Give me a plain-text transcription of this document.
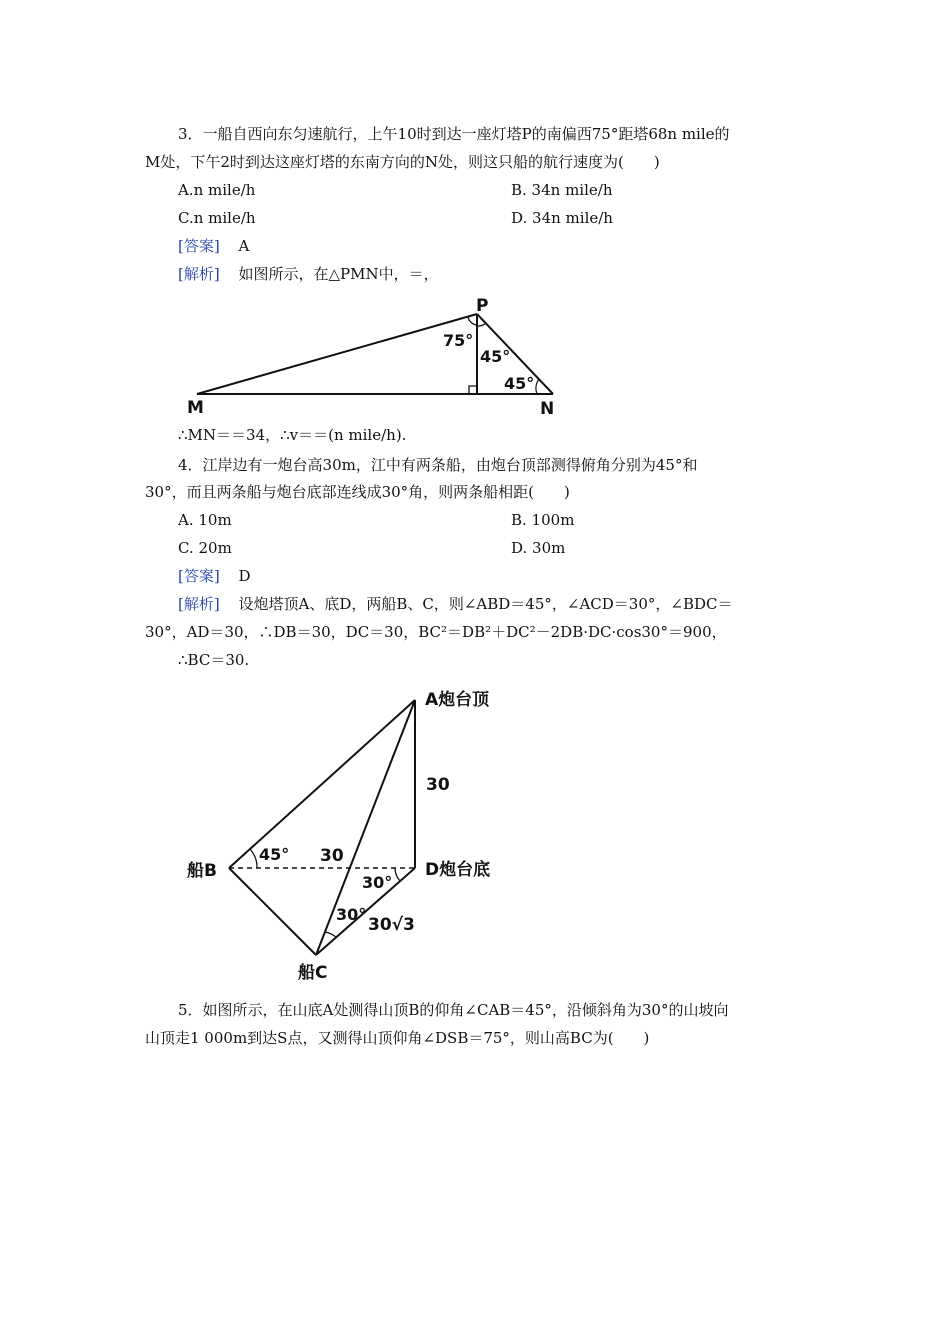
3．一船自西向东匀速航行，上午10时到达一座灯塔P的南偏西75°距塔68n mile的
M处，下午2时到达这座灯塔的东南方向的N处，则这只船的航行速度为(　　)
A.n mile/h	B. 34n mile/h
C.n mile/h	D. 34n mile/h
[答案] A
[解析] 如图所示，在△PMN中，＝，
P
M	N
75°
45°
45°
∴MN＝＝34，∴v＝＝(n mile/h).
4．江岸边有一炮台高30m，江中有两条船，由炮台顶部测得俯角分别为45°和
30°，而且两条船与炮台底部连线成30°角，则两条船相距(　　)
A. 10m	B. 100m
C. 20m	D. 30m
[答案] D
[解析] 设炮塔顶A、底D，两船B、C，则∠ABD＝45°，∠ACD＝30°，∠BDC＝
30°，AD＝30，∴DB＝30，DC＝30，BC²＝DB²＋DC²－2DB·DC·cos30°＝900，
∴BC＝30.
A炮台顶
D炮台底
船B
船C
30
30
30√3
45°
30°
30°
5．如图所示，在山底A处测得山顶B的仰角∠CAB＝45°，沿倾斜角为30°的山坡向
山顶走1 000m到达S点，又测得山顶仰角∠DSB＝75°，则山高BC为(　　)
